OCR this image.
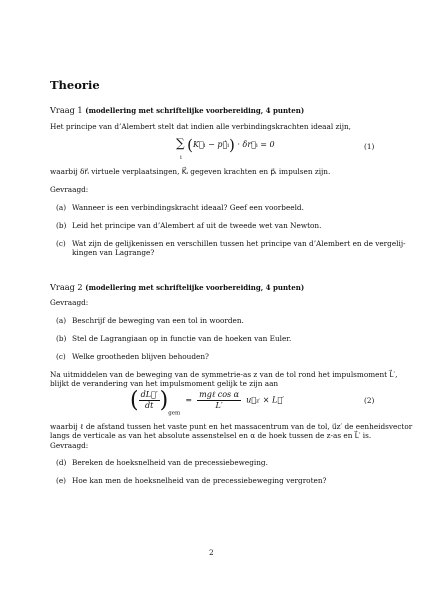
Theorie
Vraag 1 (modellering met schriftelijke voorbereiding, 4 punten)
Het principe van d’Alembert stelt dat indien alle verbindingskrachten ideaal zijn,
∑ (K⃗i − p⃗̇i) · δr⃗i = 0
i
(1)
waarbij δr⃗ᵢ virtuele verplaatsingen, K⃗ᵢ gegeven krachten en p⃗ᵢ impulsen zijn.
Gevraagd:
(a) Wanneer is een verbindingskracht ideaal? Geef een voorbeeld.
(b) Leid het principe van d’Alembert af uit de tweede wet van Newton.
(c) Wat zijn de gelijkenissen en verschillen tussen het principe van d’Alembert en de vergelij-
kingen van Lagrange?
Vraag 2 (modellering met schriftelijke voorbereiding, 4 punten)
Gevraagd:
(a) Beschrijf de beweging van een tol in woorden.
(b) Stel de Lagrangiaan op in functie van de hoeken van Euler.
(c) Welke grootheden blijven behouden?
Na uitmiddelen van de beweging van de symmetrie-as z van de tol rond het impulsmoment L⃗′,
blijkt de verandering van het impulsmoment gelijk te zijn aan
( $\frac{dL⃗'}{dt} )_{gem} = \frac{\text{mgℓ cos α}}{L'}$ u⃗z′ × L⃗′	(2)
waarbij ℓ de afstand tussen het vaste punt en het massacentrum van de tol, u⃗z′ de eenheidsvector
langs de verticale as van het absolute assenstelsel en α de hoek tussen de z-as en L⃗′ is.
Gevraagd:
(d) Bereken de hoeksnelheid van de precessiebeweging.
(e) Hoe kan men de hoeksnelheid van de precessiebeweging vergroten?
2
